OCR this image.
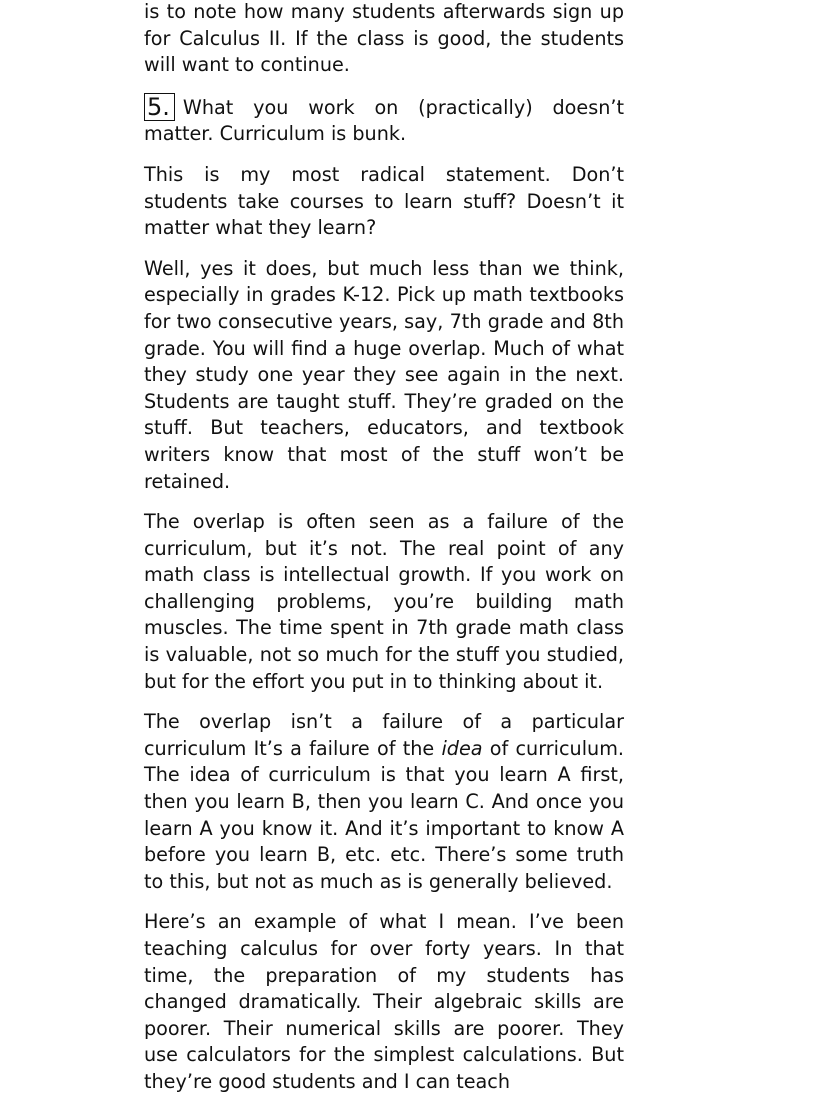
is to note how many students afterwards sign up for Calculus II. If the class is good, the students will want to continue.

5. What you work on (practically) doesn’t matter. Curriculum is bunk.

This is my most radical statement. Don’t students take courses to learn stuff? Doesn’t it matter what they learn?

Well, yes it does, but much less than we think, especially in grades K-12. Pick up math textbooks for two consecutive years, say, 7th grade and 8th grade. You will find a huge overlap. Much of what they study one year they see again in the next. Students are taught stuff. They’re graded on the stuff. But teachers, educators, and textbook writers know that most of the stuff won’t be retained.

The overlap is often seen as a failure of the curriculum, but it’s not. The real point of any math class is intellectual growth. If you work on challenging problems, you’re building math muscles. The time spent in 7th grade math class is valuable, not so much for the stuff you studied, but for the effort you put in to thinking about it.

The overlap isn’t a failure of a particular curriculum It’s a failure of the idea of curriculum. The idea of curriculum is that you learn A first, then you learn B, then you learn C. And once you learn A you know it. And it’s important to know A before you learn B, etc. etc. There’s some truth to this, but not as much as is generally believed.

Here’s an example of what I mean. I’ve been teaching calculus for over forty years. In that time, the preparation of my students has changed dramatically. Their algebraic skills are poorer. Their numerical skills are poorer. They use calculators for the simplest calculations. But they’re good students and I can teach
